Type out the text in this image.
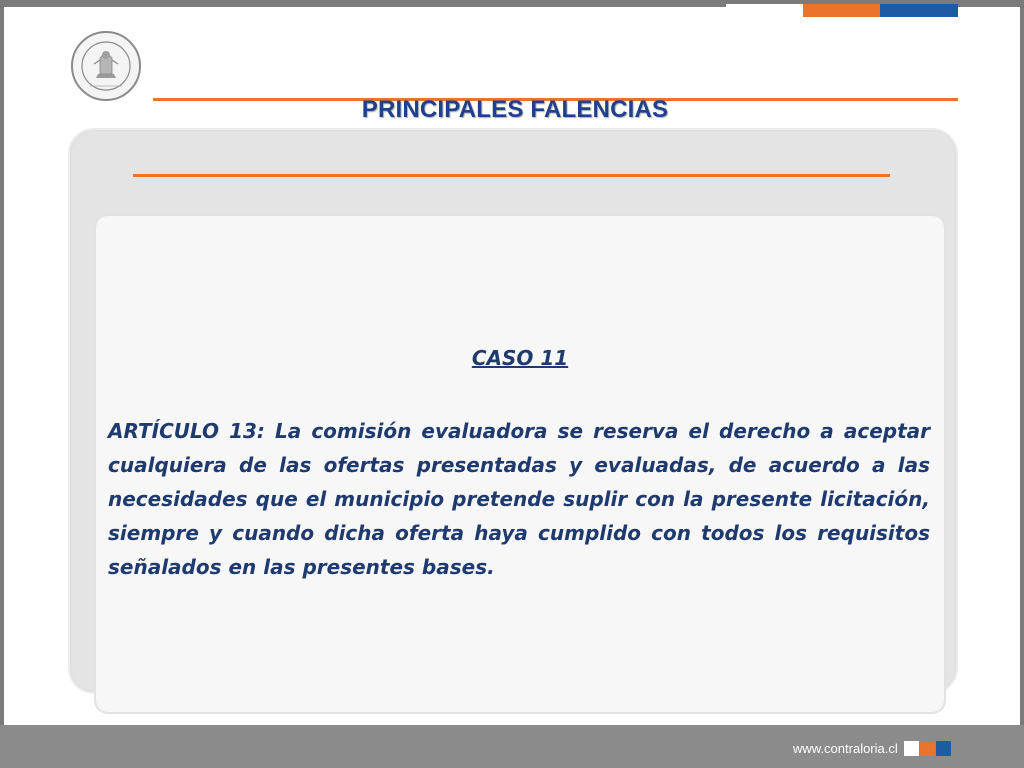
PRINCIPALES FALENCIAS
CASO 11
ARTÍCULO 13: La comisión evaluadora se reserva el derecho a aceptar cualquiera de las ofertas presentadas y evaluadas, de acuerdo a las necesidades que el municipio pretende suplir con la presente licitación, siempre y cuando dicha oferta haya cumplido con todos los requisitos señalados en las presentes bases.
www.contraloria.cl
